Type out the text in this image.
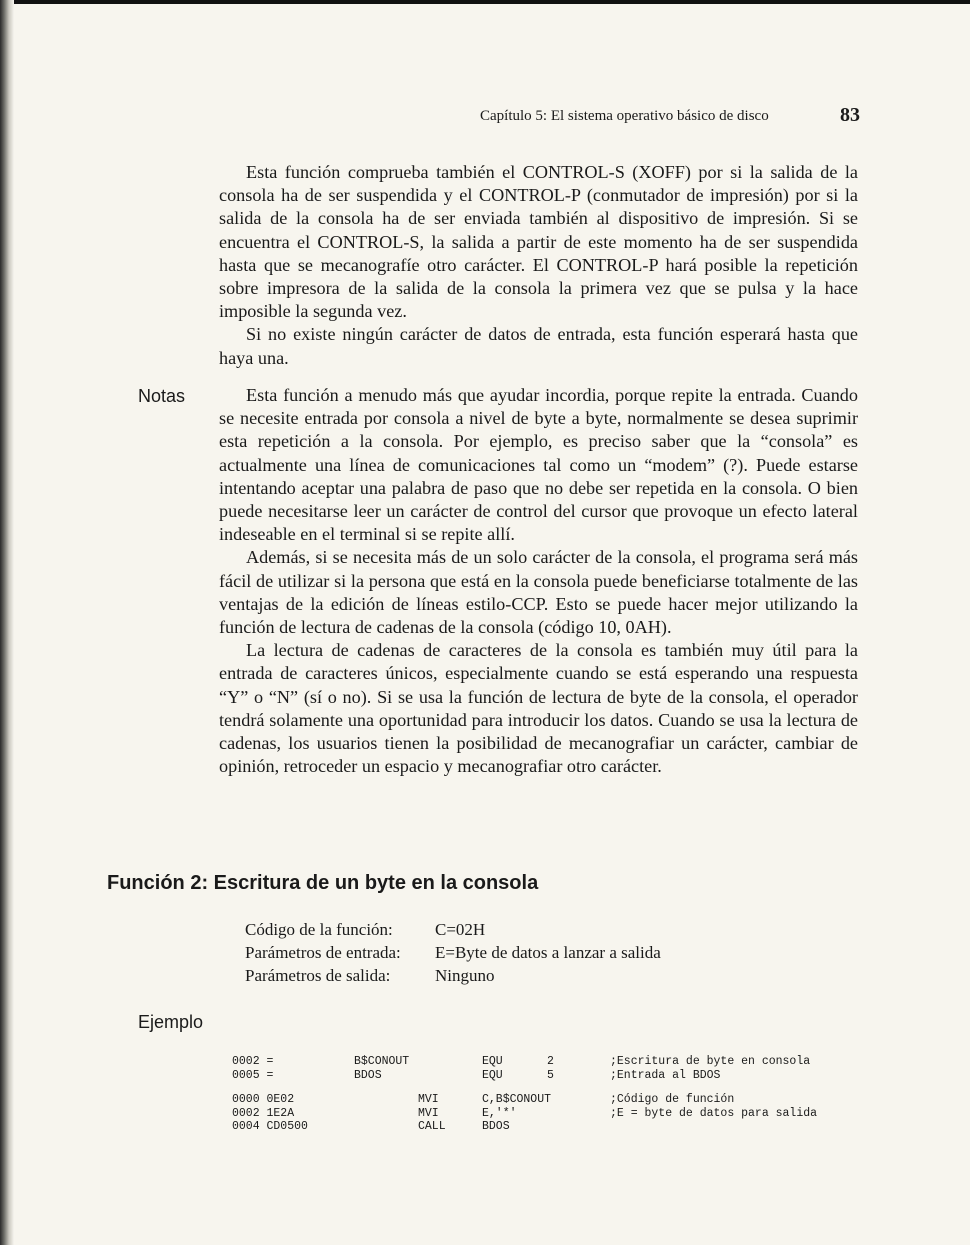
Capítulo 5: El sistema operativo básico de disco	83

Esta función comprueba también el CONTROL-S (XOFF) por si la salida de la consola ha de ser suspendida y el CONTROL-P (conmutador de impresión) por si la salida de la consola ha de ser enviada también al dispositivo de impresión. Si se encuentra el CONTROL-S, la salida a partir de este momento ha de ser suspendida hasta que se mecanografíe otro carácter. El CONTROL-P hará posible la repetición sobre impresora de la salida de la consola la primera vez que se pulsa y la hace imposible la segunda vez.

Si no existe ningún carácter de datos de entrada, esta función esperará hasta que haya una.

Notas	Esta función a menudo más que ayudar incordia, porque repite la entrada. Cuando se necesite entrada por consola a nivel de byte a byte, normalmente se desea suprimir esta repetición a la consola. Por ejemplo, es preciso saber que la “consola” es actualmente una línea de comunicaciones tal como un “modem” (?). Puede estarse intentando aceptar una palabra de paso que no debe ser repetida en la consola. O bien puede necesitarse leer un carácter de control del cursor que provoque un efecto lateral indeseable en el terminal si se repite allí.

Además, si se necesita más de un solo carácter de la consola, el programa será más fácil de utilizar si la persona que está en la consola puede beneficiarse totalmente de las ventajas de la edición de líneas estilo-CCP. Esto se puede hacer mejor utilizando la función de lectura de cadenas de la consola (código 10, 0AH).

La lectura de cadenas de caracteres de la consola es también muy útil para la entrada de caracteres únicos, especialmente cuando se está esperando una respuesta “Y” o “N” (sí o no). Si se usa la función de lectura de byte de la consola, el operador tendrá solamente una oportunidad para introducir los datos. Cuando se usa la lectura de cadenas, los usuarios tienen la posibilidad de mecanografiar un carácter, cambiar de opinión, retroceder un espacio y mecanografiar otro carácter.

Función 2: Escritura de un byte en la consola
Código de la función:	C=02H
Parámetros de entrada:	E=Byte de datos a lanzar a salida
Parámetros de salida:	Ninguno
Ejemplo
0002 =	B$CONOUT	EQU	2	;Escritura de byte en consola
0005 =	BDOS	EQU	5	;Entrada al BDOS
0000 0E02	MVI	C,B$CONOUT	;Código de función
0002 1E2A	MVI	E,'*'	;E = byte de datos para salida
0004 CD0500	CALL	BDOS
